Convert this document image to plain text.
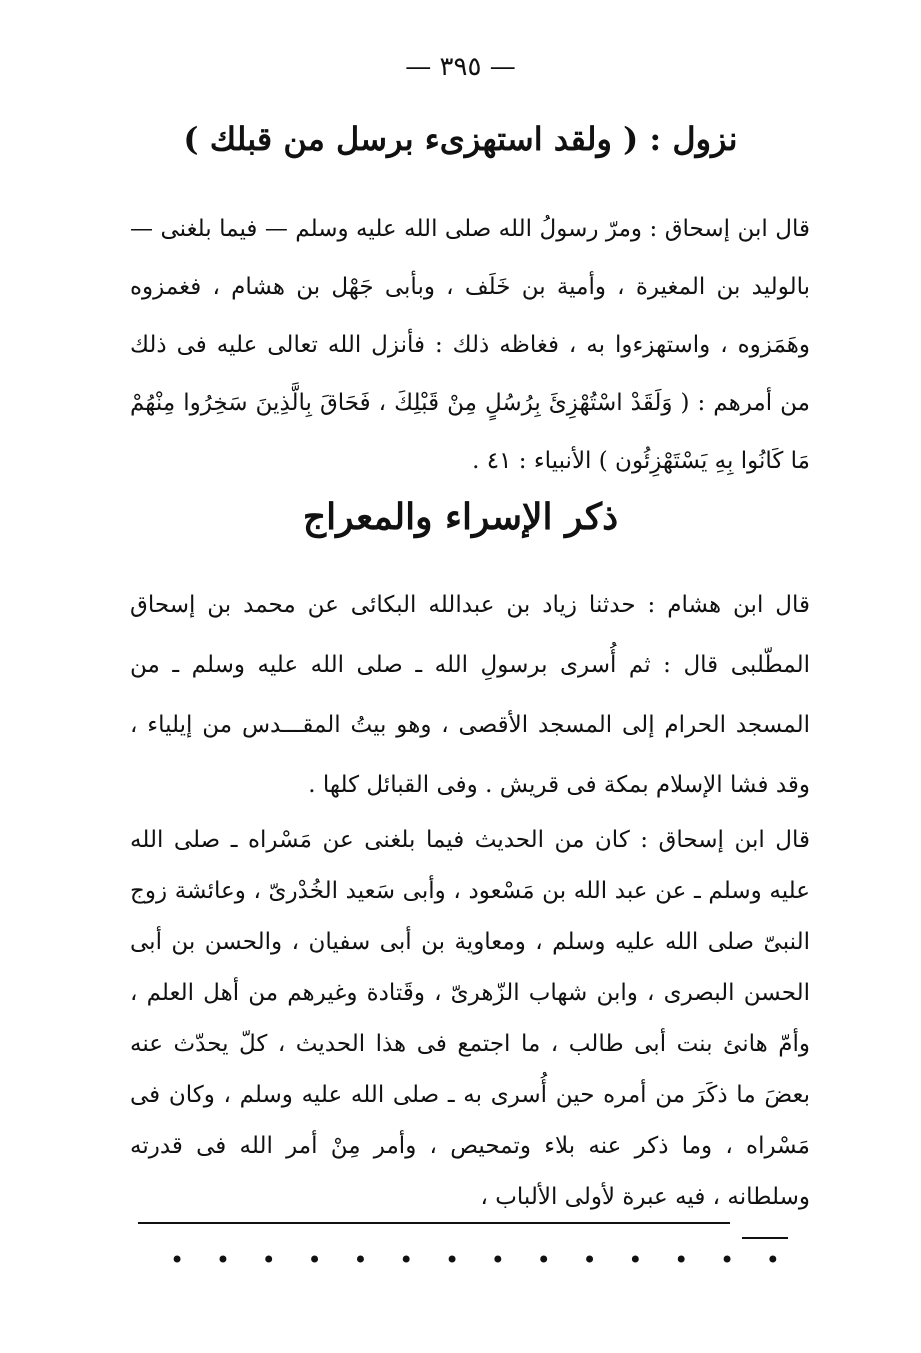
— ٣٩٥ —
نزول : ( ولقد استهزىء برسل من قبلك )

قال ابن إسحاق : ومرّ رسولُ الله صلى الله عليه وسلم — فيما بلغنى — بالوليد بن المغيرة ، وأمية بن خَلَف ، وبأبى جَهْل بن هشام ، فغمزوه وهَمَزوه ، واستهزءوا به ، فغاظه ذلك : فأنزل الله تعالى عليه فى ذلك من أمرهم : ( وَلَقَدْ اسْتُهْزِئَ بِرُسُلٍ مِنْ قَبْلِكَ ، فَحَاقَ بِالَّذِينَ سَخِرُوا مِنْهُمْ مَا كَانُوا بِهِ يَسْتَهْزِئُون ) الأنبياء : ٤١ .

ذكر الإسراء والمعراج

قال ابن هشام : حدثنا زياد بن عبدالله البكائى عن محمد بن إسحاق المطّلبى قال : ثم أُسرى برسولِ الله ـ صلى الله عليه وسلم ـ من المسجد الحرام إلى المسجد الأقصى ، وهو بيتُ المقـــدس من إيلياء ، وقد فشا الإسلام بمكة فى قريش . وفى القبائل كلها .

قال ابن إسحاق : كان من الحديث فيما بلغنى عن مَسْراه ـ صلى الله عليه وسلم ـ عن عبد الله بن مَسْعود ، وأبى سَعيد الخُدْرىّ ، وعائشة زوج النبىّ صلى الله عليه وسلم ، ومعاوية بن أبى سفيان ، والحسن بن أبى الحسن البصرى ، وابن شهاب الزّهرىّ ، وقَتادة وغيرهم من أهل العلم ، وأمّ هانئ بنت أبى طالب ، ما اجتمع فى هذا الحديث ، كلّ يحدّث عنه بعضَ ما ذكَرَ من أمره حين أُسرى به ـ صلى الله عليه وسلم ، وكان فى مَسْراه ، وما ذكر عنه بلاء وتمحيص ، وأمر مِنْ أمر الله فى قدرته وسلطانه ، فيه عبرة لأولى الألباب ،

• • • • • • • • • • • • • •
